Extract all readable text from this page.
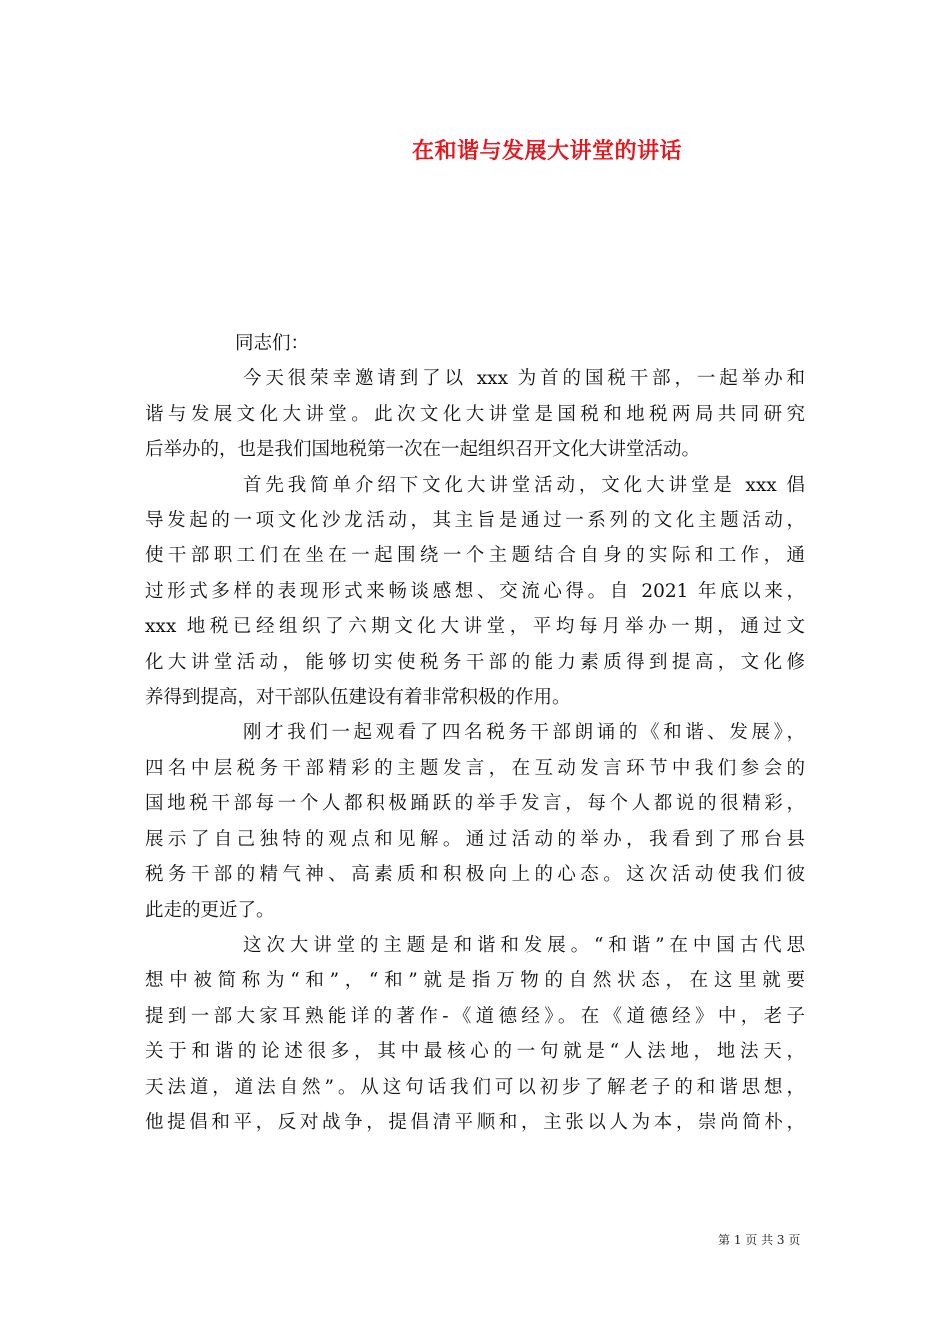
在和谐与发展大讲堂的讲话
同志们：
今天很荣幸邀请到了以 xxx 为首的国税干部，一起举办和
谐与发展文化大讲堂。此次文化大讲堂是国税和地税两局共同研究
后举办的，也是我们国地税第一次在一起组织召开文化大讲堂活动。
首先我简单介绍下文化大讲堂活动，文化大讲堂是 xxx 倡
导发起的一项文化沙龙活动，其主旨是通过一系列的文化主题活动，
使干部职工们在坐在一起围绕一个主题结合自身的实际和工作，通
过形式多样的表现形式来畅谈感想、交流心得。自 2021 年底以来，
xxx 地税已经组织了六期文化大讲堂，平均每月举办一期，通过文
化大讲堂活动，能够切实使税务干部的能力素质得到提高，文化修
养得到提高，对干部队伍建设有着非常积极的作用。
刚才我们一起观看了四名税务干部朗诵的《和谐、发展》，
四名中层税务干部精彩的主题发言，在互动发言环节中我们参会的
国地税干部每一个人都积极踊跃的举手发言，每个人都说的很精彩，
展示了自己独特的观点和见解。通过活动的举办，我看到了邢台县
税务干部的精气神、高素质和积极向上的心态。这次活动使我们彼
此走的更近了。
这次大讲堂的主题是和谐和发展。“和谐”在中国古代思
想中被简称为“和”，“和”就是指万物的自然状态，在这里就要
提到一部大家耳熟能详的著作-《道德经》。在《道德经》中，老子
关于和谐的论述很多，其中最核心的一句就是“人法地，地法天，
天法道，道法自然”。从这句话我们可以初步了解老子的和谐思想，
他提倡和平，反对战争，提倡清平顺和，主张以人为本，崇尚简朴，
第 1 页 共 3 页
